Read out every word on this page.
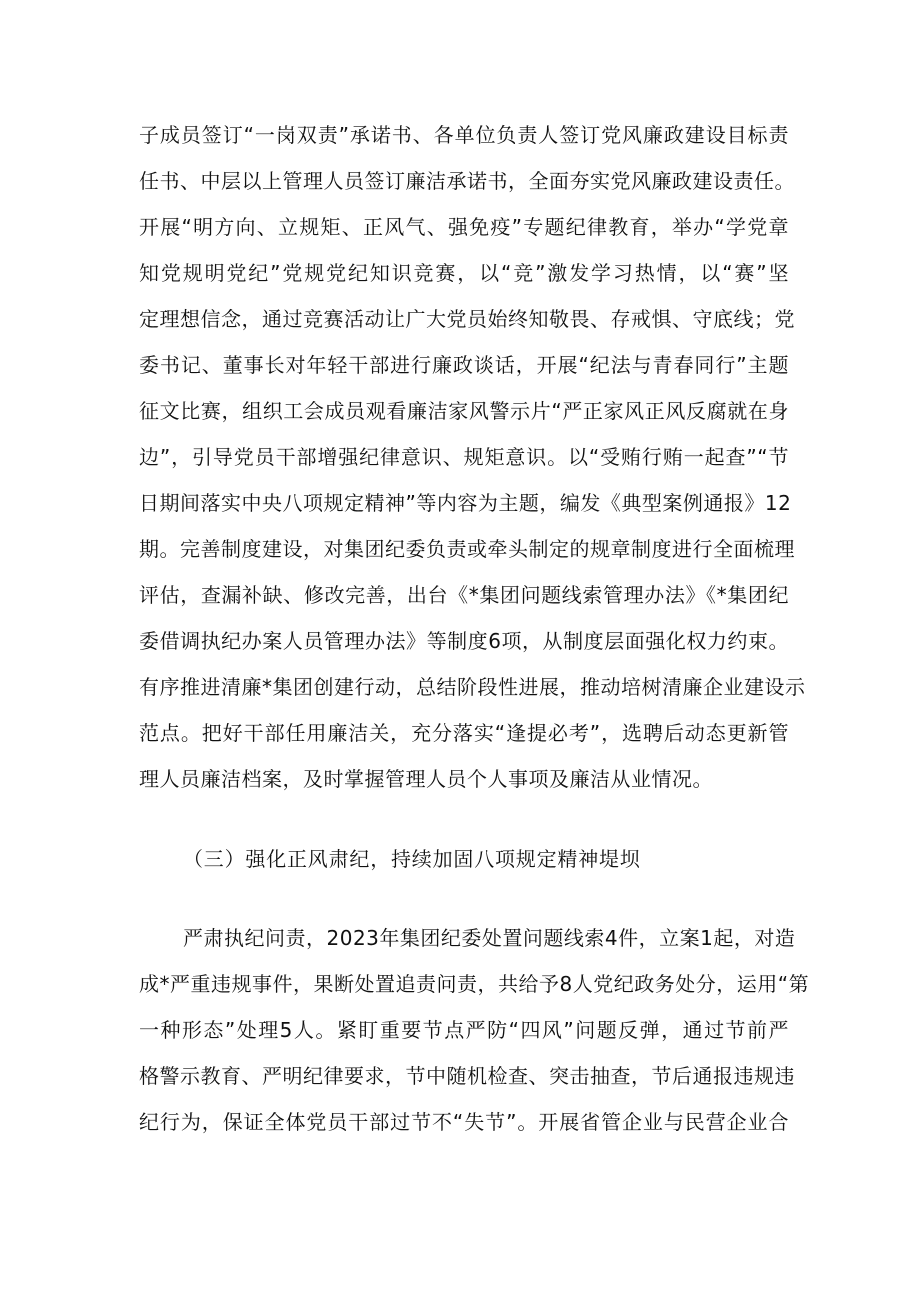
子成员签订“一岗双责”承诺书、各单位负责人签订党风廉政建设目标责
任书、中层以上管理人员签订廉洁承诺书，全面夯实党风廉政建设责任。
开展“明方向、立规矩、正风气、强免疫”专题纪律教育，举办“学党章
知党规明党纪”党规党纪知识竞赛，以“竞”激发学习热情，以“赛”坚
定理想信念，通过竞赛活动让广大党员始终知敬畏、存戒惧、守底线；党
委书记、董事长对年轻干部进行廉政谈话，开展“纪法与青春同行”主题
征文比赛，组织工会成员观看廉洁家风警示片“严正家风正风反腐就在身
边”，引导党员干部增强纪律意识、规矩意识。以“受贿行贿一起查”“节
日期间落实中央八项规定精神”等内容为主题，编发《典型案例通报》12
期。完善制度建设，对集团纪委负责或牵头制定的规章制度进行全面梳理
评估，查漏补缺、修改完善，出台《*集团问题线索管理办法》《*集团纪
委借调执纪办案人员管理办法》等制度6项，从制度层面强化权力约束。
有序推进清廉*集团创建行动，总结阶段性进展，推动培树清廉企业建设示
范点。把好干部任用廉洁关，充分落实“逢提必考”，选聘后动态更新管
理人员廉洁档案，及时掌握管理人员个人事项及廉洁从业情况。
（三）强化正风肃纪，持续加固八项规定精神堤坝
严肃执纪问责，2023年集团纪委处置问题线索4件，立案1起，对造
成*严重违规事件，果断处置追责问责，共给予8人党纪政务处分，运用“第
一种形态”处理5人。紧盯重要节点严防“四风”问题反弹，通过节前严
格警示教育、严明纪律要求，节中随机检查、突击抽查，节后通报违规违
纪行为，保证全体党员干部过节不“失节”。开展省管企业与民营企业合
